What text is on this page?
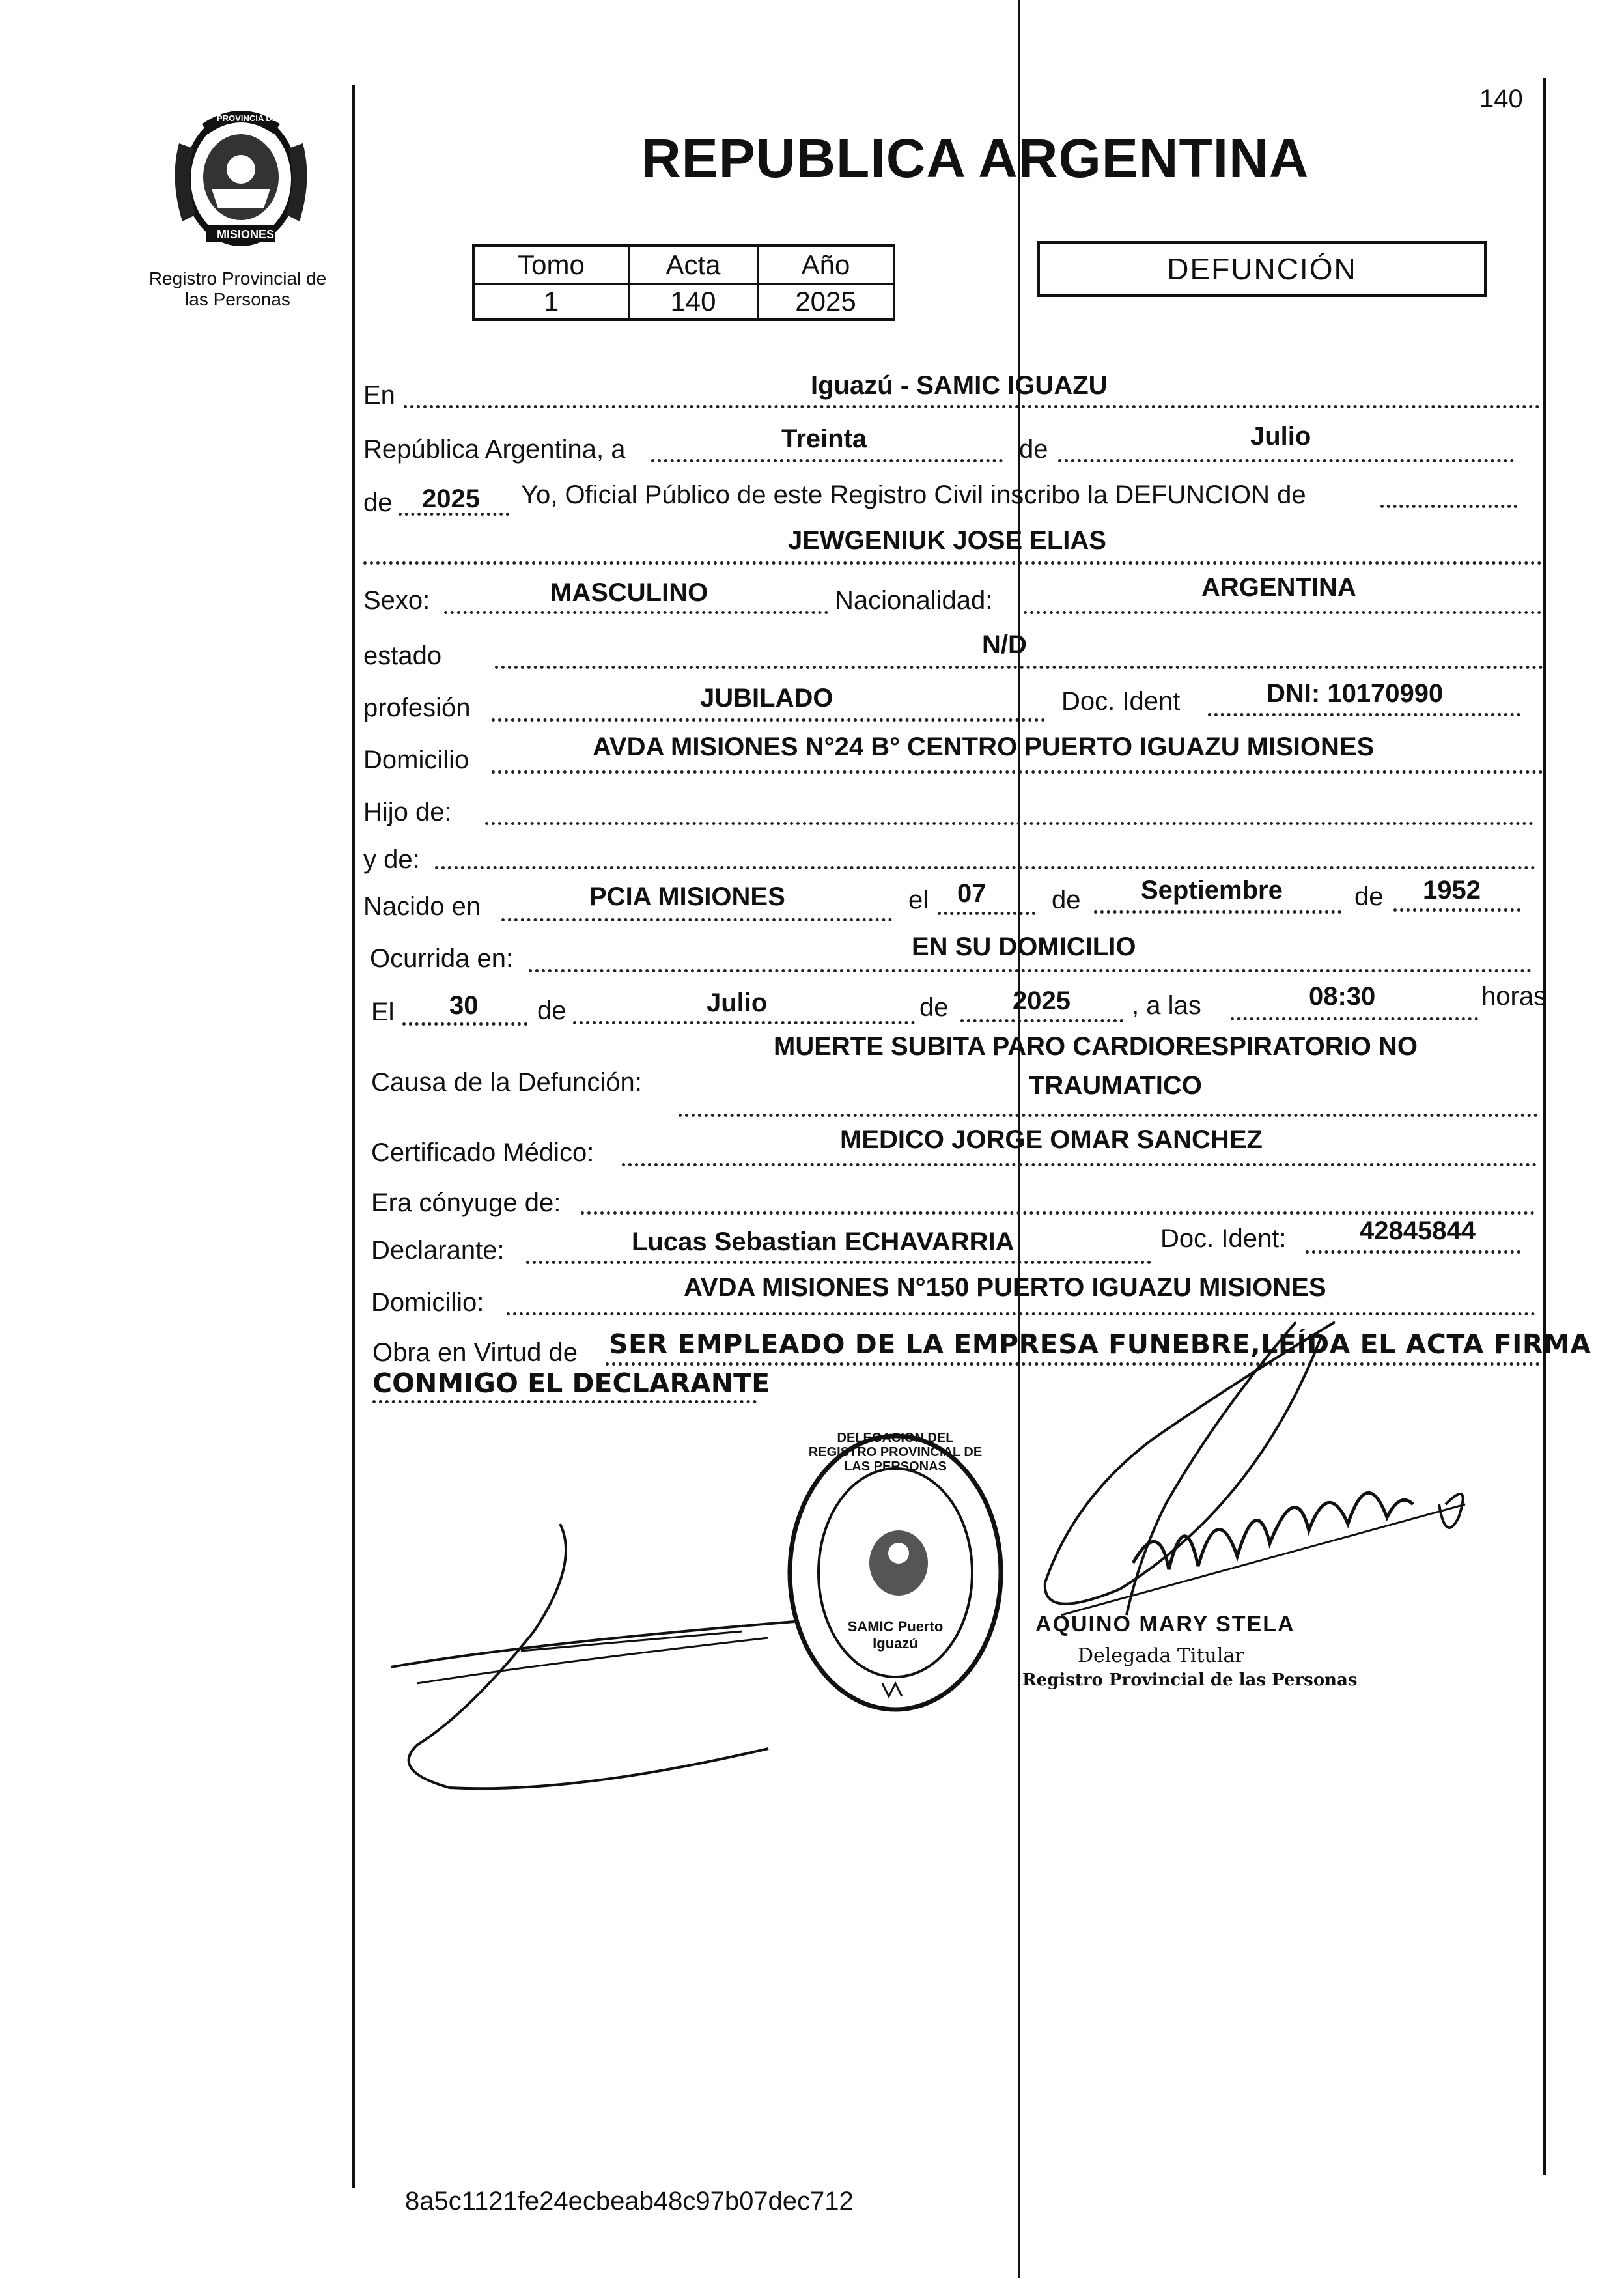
PROVINCIA DE
MISIONES
Registro Provincial de
las Personas
140
REPUBLICA ARGENTINA
Tomo	Acta	Año
1	140	2025
DEFUNCIÓN
En	Iguazú - SAMIC IGUAZU
República Argentina, a	Treinta	de	Julio
de 2025 Yo, Oficial Público de este Registro Civil inscribo la DEFUNCION de
JEWGENIUK JOSE ELIAS
Sexo:	MASCULINO	Nacionalidad:	ARGENTINA
estado	N/D
profesión	JUBILADO	Doc. Ident	DNI: 10170990
Domicilio	AVDA MISIONES N°24 B° CENTRO PUERTO IGUAZU MISIONES
Hijo de:
y de:
Nacido en	PCIA MISIONES	el 07	de Septiembre	de 1952
Ocurrida en:	EN SU DOMICILIO
El 30 de	Julio	de 2025 , a las	08:30	horas
Causa de la Defunción:
MUERTE SUBITA PARO CARDIORESPIRATORIO NO
TRAUMATICO
Certificado Médico:	MEDICO JORGE OMAR SANCHEZ
Era cónyuge de:
Declarante:	Lucas Sebastian ECHAVARRIA	Doc. Ident:	42845844
Domicilio:
AVDA MISIONES N°150 PUERTO IGUAZU MISIONES
Obra en Virtud de SER EMPLEADO DE LA EMPRESA FUNEBRE,LEÍDA EL ACTA FIRMA
CONMIGO EL DECLARANTE
DELEGACION DEL REGISTRO PROVINCIAL DE LAS PERSONAS
SAMIC Puerto Iguazú
AQUINO MARY STELA
Delegada Titular
Registro Provincial de las Personas
8a5c1121fe24ecbeab48c97b07dec712
